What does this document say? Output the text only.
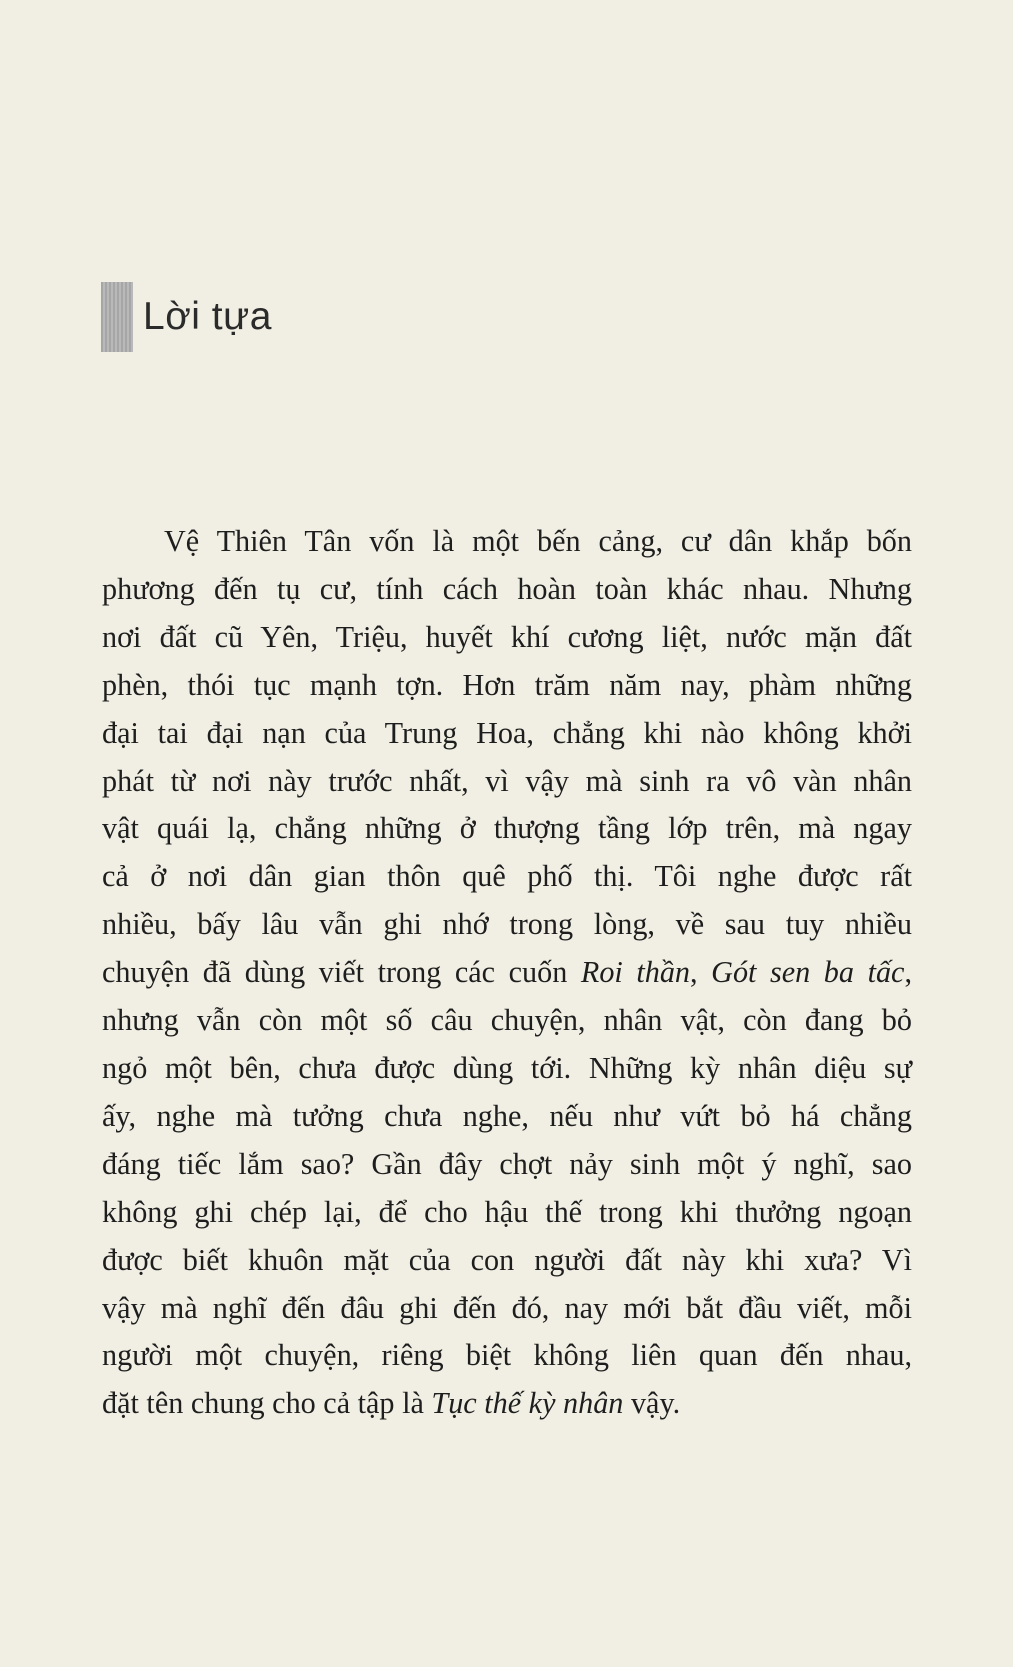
Lời tựa
Vệ Thiên Tân vốn là một bến cảng, cư dân khắp bốn
phương đến tụ cư, tính cách hoàn toàn khác nhau. Nhưng
nơi đất cũ Yên, Triệu, huyết khí cương liệt, nước mặn đất
phèn, thói tục mạnh tợn. Hơn trăm năm nay, phàm những
đại tai đại nạn của Trung Hoa, chẳng khi nào không khởi
phát từ nơi này trước nhất, vì vậy mà sinh ra vô vàn nhân
vật quái lạ, chẳng những ở thượng tầng lớp trên, mà ngay
cả ở nơi dân gian thôn quê phố thị. Tôi nghe được rất
nhiều, bấy lâu vẫn ghi nhớ trong lòng, về sau tuy nhiều
chuyện đã dùng viết trong các cuốn Roi thần, Gót sen ba tấc,
nhưng vẫn còn một số câu chuyện, nhân vật, còn đang bỏ
ngỏ một bên, chưa được dùng tới. Những kỳ nhân diệu sự
ấy, nghe mà tưởng chưa nghe, nếu như vứt bỏ há chẳng
đáng tiếc lắm sao? Gần đây chợt nảy sinh một ý nghĩ, sao
không ghi chép lại, để cho hậu thế trong khi thưởng ngoạn
được biết khuôn mặt của con người đất này khi xưa? Vì
vậy mà nghĩ đến đâu ghi đến đó, nay mới bắt đầu viết, mỗi
người một chuyện, riêng biệt không liên quan đến nhau,
đặt tên chung cho cả tập là Tục thế kỳ nhân vậy.
